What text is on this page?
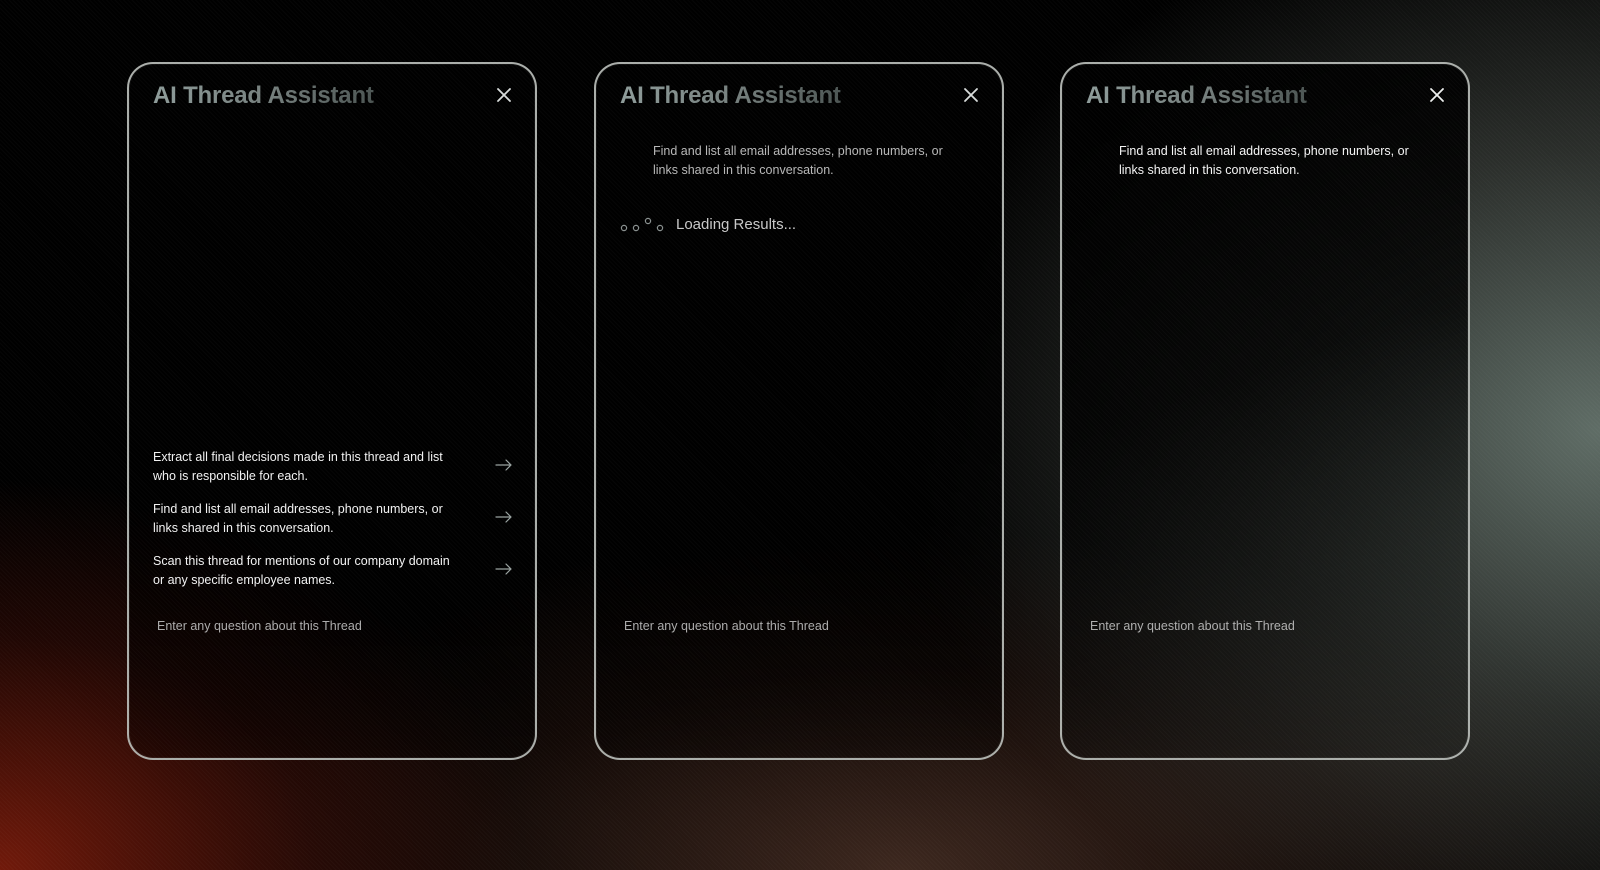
AI Thread Assistant
Extract all final decisions made in this thread and list who is responsible for each.
Find and list all email addresses, phone numbers, or links shared in this conversation.
Scan this thread for mentions of our company domain or any specific employee names.
Enter any question about this Thread
AI Thread Assistant

Find and list all email addresses, phone numbers, or links shared in this conversation.

Loading Results...
Enter any question about this Thread
AI Thread Assistant

Find and list all email addresses, phone numbers, or links shared in this conversation.

Enter any question about this Thread
